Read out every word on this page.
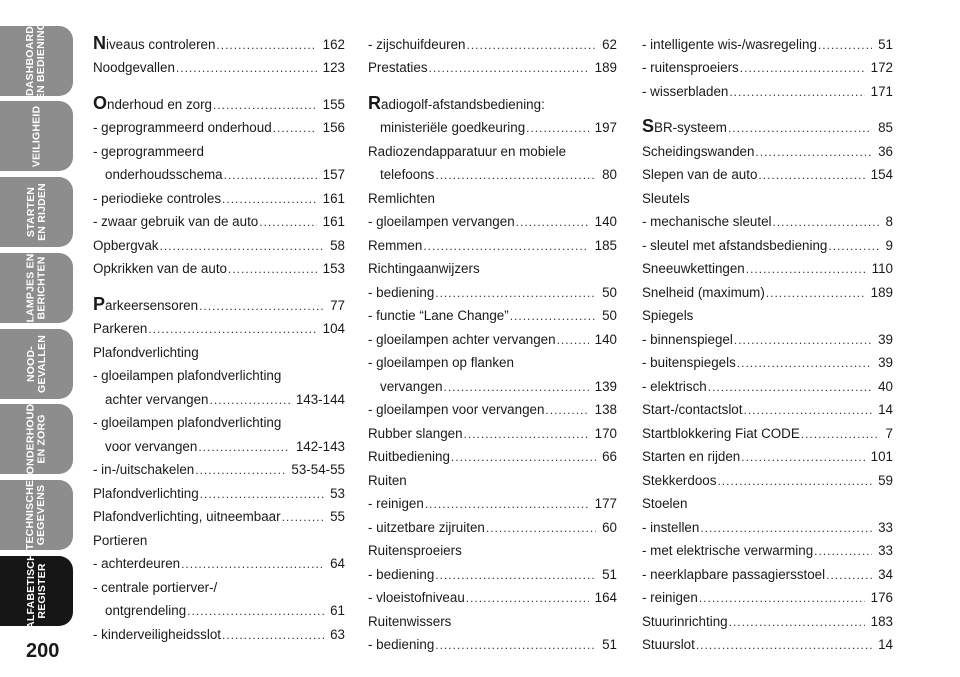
DASHBOARD
EN BEDIENING
VEILIGHEID
STARTEN
EN RIJDEN
LAMPJES EN
BERICHTEN
NOOD-
GEVALLEN
ONDERHOUD
EN ZORG
TECHNISCHE
GEGEVENS
ALFABETISCH
REGISTER
200
Niveaus controleren .....	162
Noodgevallen .....	123
Onderhoud en zorg .....	155
- geprogrammeerd onderhoud .....	156
- geprogrammeerd
onderhoudsschema .....	157
- periodieke controles .....	161
- zwaar gebruik van de auto .....	161
Opbergvak .....	58
Opkrikken van de auto .....	153
Parkeersensoren .....	77
Parkeren .....	104
Plafondverlichting
- gloeilampen plafondverlichting
achter vervangen .....	143-144
- gloeilampen plafondverlichting
voor vervangen .....	142-143
- in-/uitschakelen .....	53-54-55
Plafondverlichting .....	53
Plafondverlichting, uitneembaar .....	55
Portieren
- achterdeuren .....	64
- centrale portierver-/
ontgrendeling .....	61
- kinderveiligheidsslot .....	63
- zijschuifdeuren .....	62
Prestaties .....	189
Radiogolf-afstandsbediening:
ministeriële goedkeuring .....	197
Radiozendapparatuur en mobiele
telefoons .....	80
Remlichten
- gloeilampen vervangen .....	140
Remmen .....	185
Richtingaanwijzers
- bediening .....	50
- functie “Lane Change” .....	50
- gloeilampen achter vervangen .....	140
- gloeilampen op flanken
vervangen .....	139
- gloeilampen voor vervangen .....	138
Rubber slangen .....	170
Ruitbediening .....	66
Ruiten
- reinigen .....	177
- uitzetbare zijruiten .....	60
Ruitensproeiers
- bediening .....	51
- vloeistofniveau .....	164
Ruitenwissers
- bediening .....	51
- intelligente wis-/wasregeling .....	51
- ruitensproeiers .....	172
- wisserbladen .....	171
SBR-systeem .....	85
Scheidingswanden .....	36
Slepen van de auto .....	154
Sleutels
- mechanische sleutel .....	8
- sleutel met afstandsbediening .....	9
Sneeuwkettingen .....	110
Snelheid (maximum) .....	189
Spiegels
- binnenspiegel .....	39
- buitenspiegels .....	39
- elektrisch .....	40
Start-/contactslot .....	14
Startblokkering Fiat CODE .....	7
Starten en rijden .....	101
Stekkerdoos .....	59
Stoelen
- instellen .....	33
- met elektrische verwarming .....	33
- neerklapbare passagiersstoel .....	34
- reinigen .....	176
Stuurinrichting .....	183
Stuurslot .....	14
